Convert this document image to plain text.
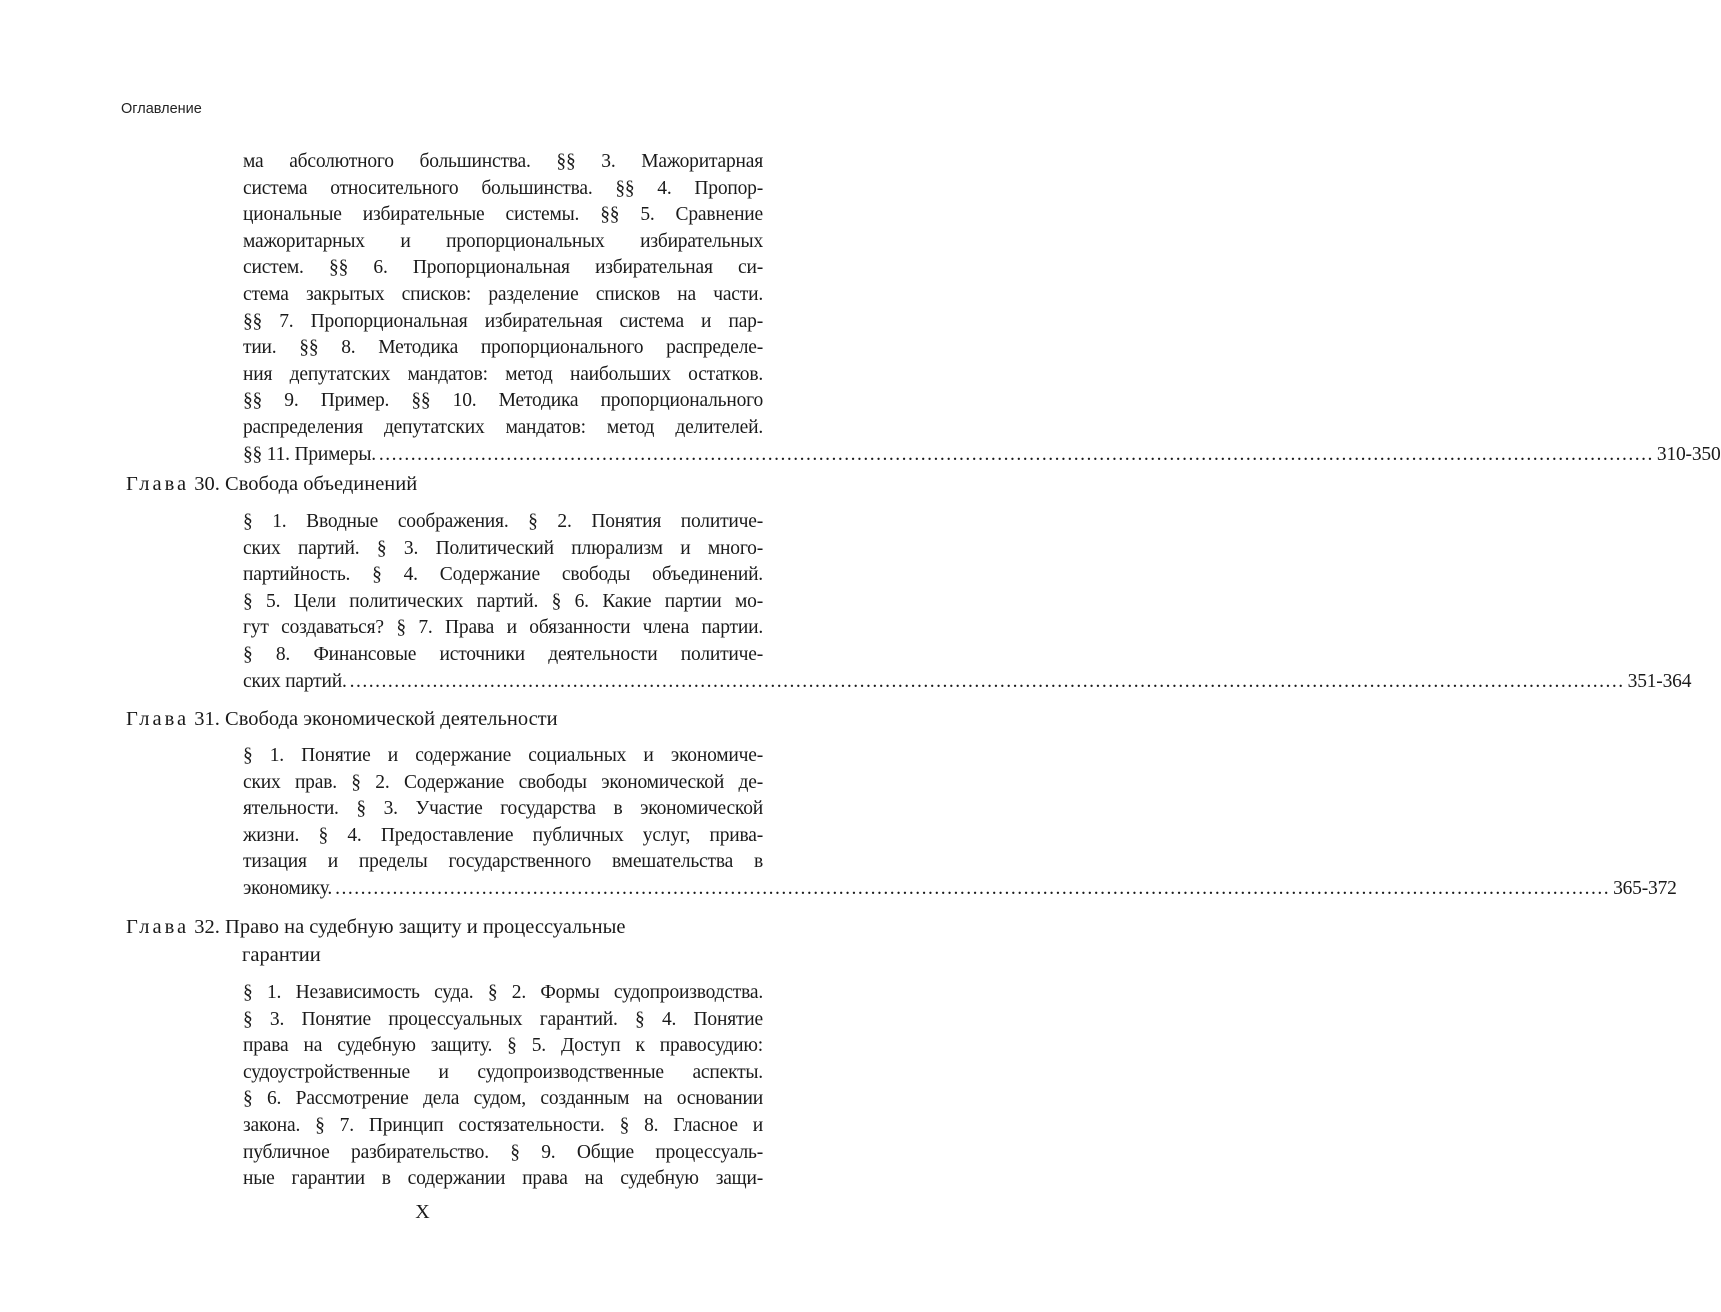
Оглавление
ма абсолютного большинства. §§ 3. Мажоритарная
система относительного большинства. §§ 4. Пропор-
циональные избирательные системы. §§ 5. Сравнение
мажоритарных и пропорциональных избирательных
систем. §§ 6. Пропорциональная избирательная си-
стема закрытых списков: разделение списков на части.
§§ 7. Пропорциональная избирательная система и пар-
тии. §§ 8. Методика пропорционального распределе-
ния депутатских мандатов: метод наибольших остатков.
§§ 9. Пример. §§ 10. Методика пропорционального
распределения депутатских мандатов: метод делителей.
§§ 11. Примеры. ........................................................................................................................................................................................................ 310-350
Глава 30. Свобода объединений
§ 1. Вводные соображения. § 2. Понятия политиче-
ских партий. § 3. Политический плюрализм и много-
партийность. § 4. Содержание свободы объединений.
§ 5. Цели политических партий. § 6. Какие партии мо-
гут создаваться? § 7. Права и обязанности члена партии.
§ 8. Финансовые источники деятельности политиче-
ских партий. ........................................................................................................................................................................................................ 351-364
Глава 31. Свобода экономической деятельности
§ 1. Понятие и содержание социальных и экономиче-
ских прав. § 2. Содержание свободы экономической де-
ятельности. § 3. Участие государства в экономической
жизни. § 4. Предоставление публичных услуг, прива-
тизация и пределы государственного вмешательства в
экономику. ........................................................................................................................................................................................................ 365-372
Глава 32. Право на судебную защиту и процессуальные
гарантии
§ 1. Независимость суда. § 2. Формы судопроизводства.
§ 3. Понятие процессуальных гарантий. § 4. Понятие
права на судебную защиту. § 5. Доступ к правосудию:
судоустройственные и судопроизводственные аспекты.
§ 6. Рассмотрение дела судом, созданным на основании
закона. § 7. Принцип состязательности. § 8. Гласное и
публичное разбирательство. § 9. Общие процессуаль-
ные гарантии в содержании права на судебную защи-
X
